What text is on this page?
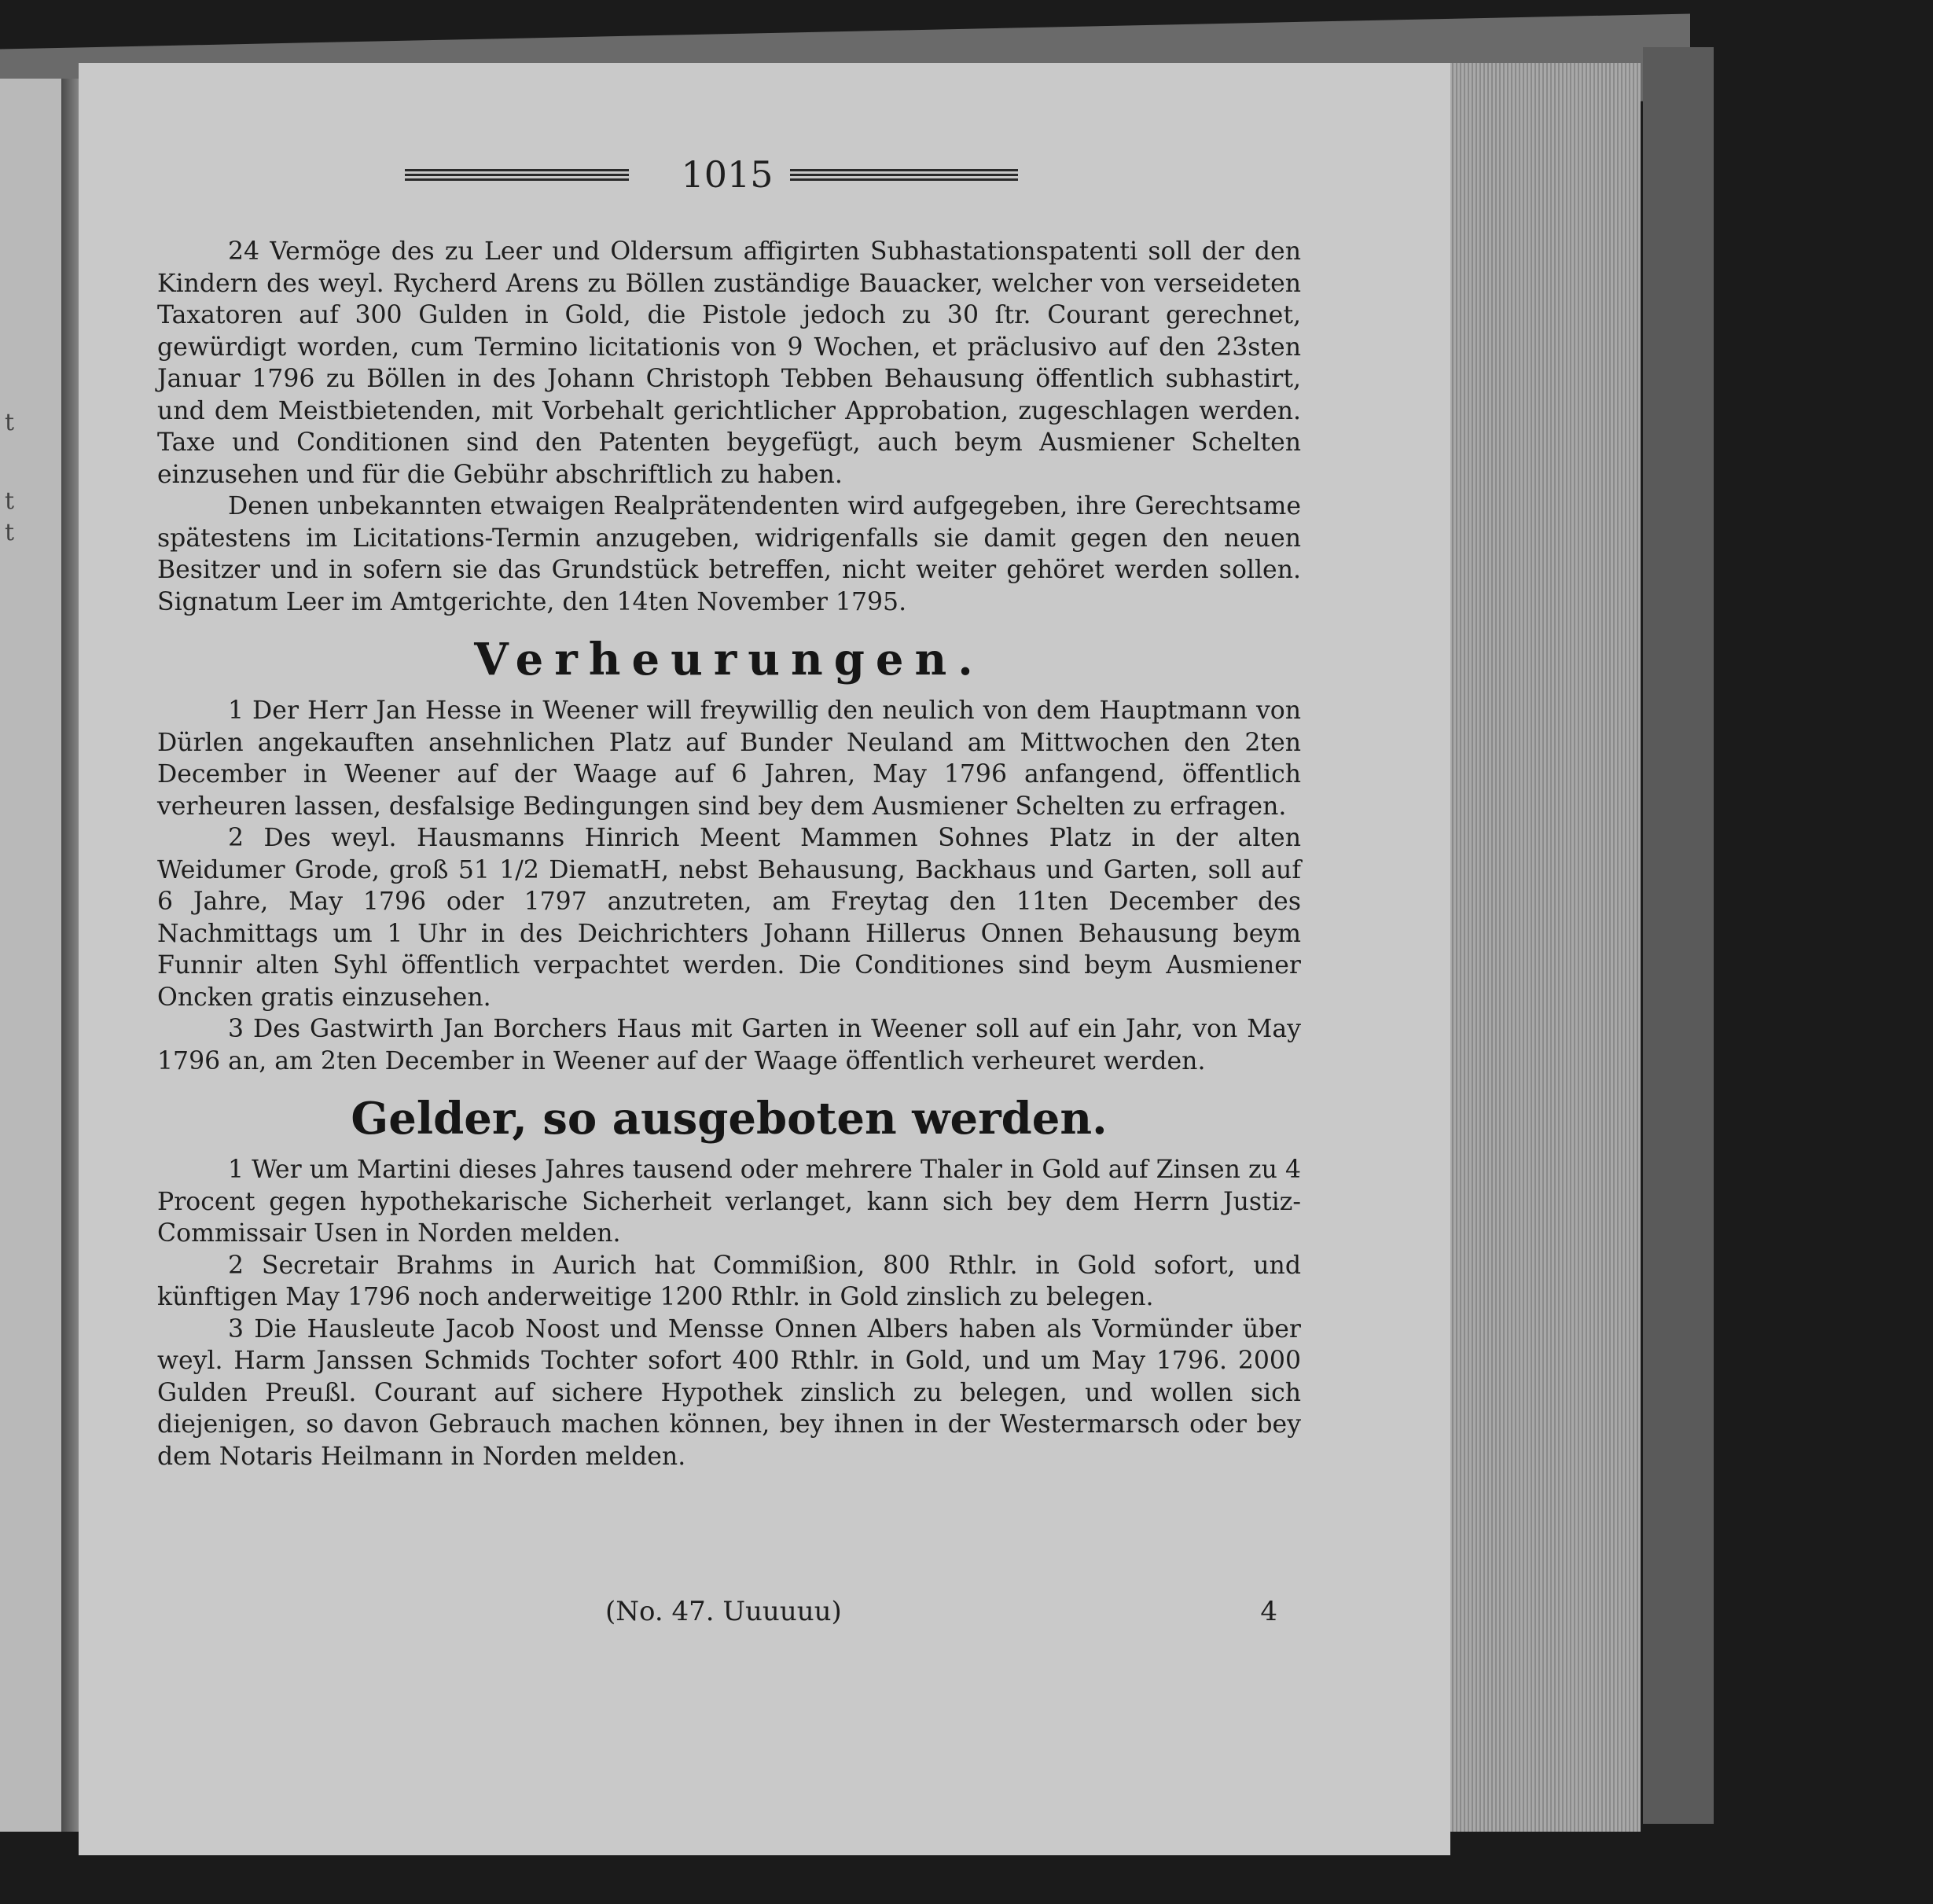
t
t
t
1015

24 Vermöge des zu Leer und Oldersum affigirten Subhastationspatenti soll der den Kindern des weyl. Rycherd Arens zu Böllen zuständige Bauacker, welcher von verseideten Taxatoren auf 300 Gulden in Gold, die Pistole jedoch zu 30 ſtr. Courant gerechnet, gewürdigt worden, cum Termino licitationis von 9 Wochen, et präclusivo auf den 23sten Januar 1796 zu Böllen in des Johann Christoph Tebben Behausung öffentlich subhastirt, und dem Meistbietenden, mit Vorbehalt gerichtlicher Approbation, zugeschlagen werden. Taxe und Conditionen sind den Patenten beygefügt, auch beym Ausmiener Schelten einzusehen und für die Gebühr abschriftlich zu haben.

Denen unbekannten etwaigen Realprätendenten wird aufgegeben, ihre Gerechtsame spätestens im Licitations-Termin anzugeben, widrigenfalls sie damit gegen den neuen Besitzer und in sofern sie das Grundstück betreffen, nicht weiter gehöret werden sollen. Signatum Leer im Amtgerichte, den 14ten November 1795.

Verheurungen.

1 Der Herr Jan Hesse in Weener will freywillig den neulich von dem Hauptmann von Dürlen angekauften ansehnlichen Platz auf Bunder Neuland am Mittwochen den 2ten December in Weener auf der Waage auf 6 Jahren, May 1796 anfangend, öffentlich verheuren lassen, desfalsige Bedingungen sind bey dem Ausmiener Schelten zu erfragen.

2 Des weyl. Hausmanns Hinrich Meent Mammen Sohnes Platz in der alten Weidumer Grode, groß 51 1/2 DiematH, nebst Behausung, Backhaus und Garten, soll auf 6 Jahre, May 1796 oder 1797 anzutreten, am Freytag den 11ten December des Nachmittags um 1 Uhr in des Deichrichters Johann Hillerus Onnen Behausung beym Funnir alten Syhl öffentlich verpachtet werden. Die Conditiones sind beym Ausmiener Oncken gratis einzusehen.

3 Des Gastwirth Jan Borchers Haus mit Garten in Weener soll auf ein Jahr, von May 1796 an, am 2ten December in Weener auf der Waage öffentlich verheuret werden.

Gelder, so ausgeboten werden.

1 Wer um Martini dieses Jahres tausend oder mehrere Thaler in Gold auf Zinsen zu 4 Procent gegen hypothekarische Sicherheit verlanget, kann sich bey dem Herrn Justiz-Commissair Usen in Norden melden.

2 Secretair Brahms in Aurich hat Commißion, 800 Rthlr. in Gold sofort, und künftigen May 1796 noch anderweitige 1200 Rthlr. in Gold zinslich zu belegen.

3 Die Hausleute Jacob Noost und Mensse Onnen Albers haben als Vormünder über weyl. Harm Janssen Schmids Tochter sofort 400 Rthlr. in Gold, und um May 1796. 2000 Gulden Preußl. Courant auf sichere Hypothek zinslich zu belegen, und wollen sich diejenigen, so davon Gebrauch machen können, bey ihnen in der Westermarsch oder bey dem Notaris Heilmann in Norden melden.

(No. 47. Uuuuuu)	4
